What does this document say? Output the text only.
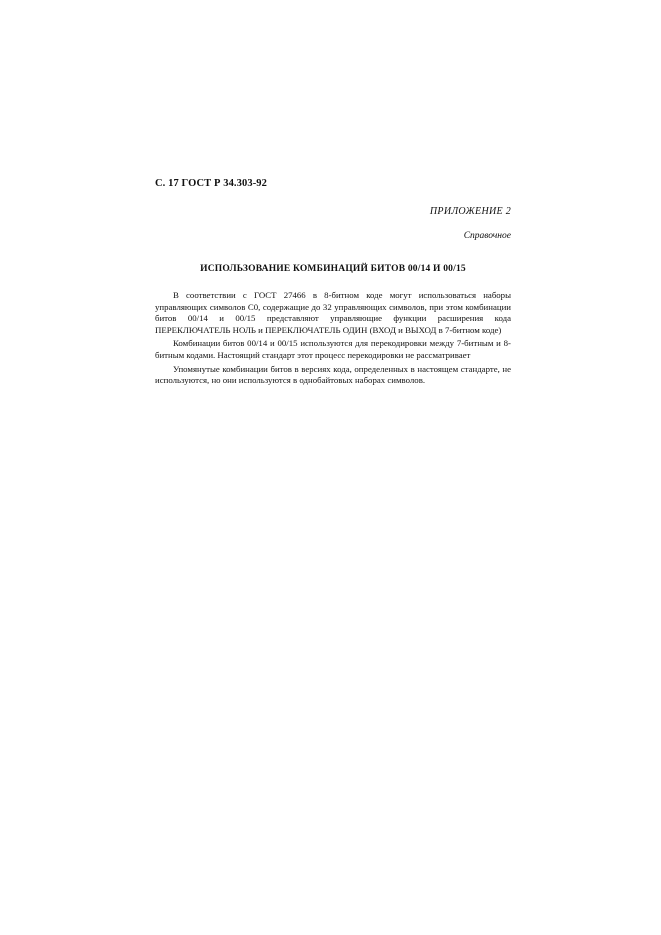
С. 17 ГОСТ Р 34.303-92
ПРИЛОЖЕНИЕ 2
Справочное
ИСПОЛЬЗОВАНИЕ КОМБИНАЦИЙ БИТОВ 00/14 И 00/15

В соответствии с ГОСТ 27466 в 8-битном коде могут использоваться наборы управляющих символов С0, содержащие до 32 управляющих символов, при этом комбинации битов 00/14 и 00/15 представляют управляющие функции расширения кода ПЕРЕКЛЮЧАТЕЛЬ НОЛЬ и ПЕРЕКЛЮЧАТЕЛЬ ОДИН (ВХОД и ВЫХОД в 7-битном коде)

Комбинации битов 00/14 и 00/15 используются для перекодировки между 7-битным и 8-битным кодами. Настоящий стандарт этот процесс перекодировки не рассматривает

Упомянутые комбинации битов в версиях кода, определенных в настоящем стандарте, не используются, но они используются в однобайтовых наборах символов.
